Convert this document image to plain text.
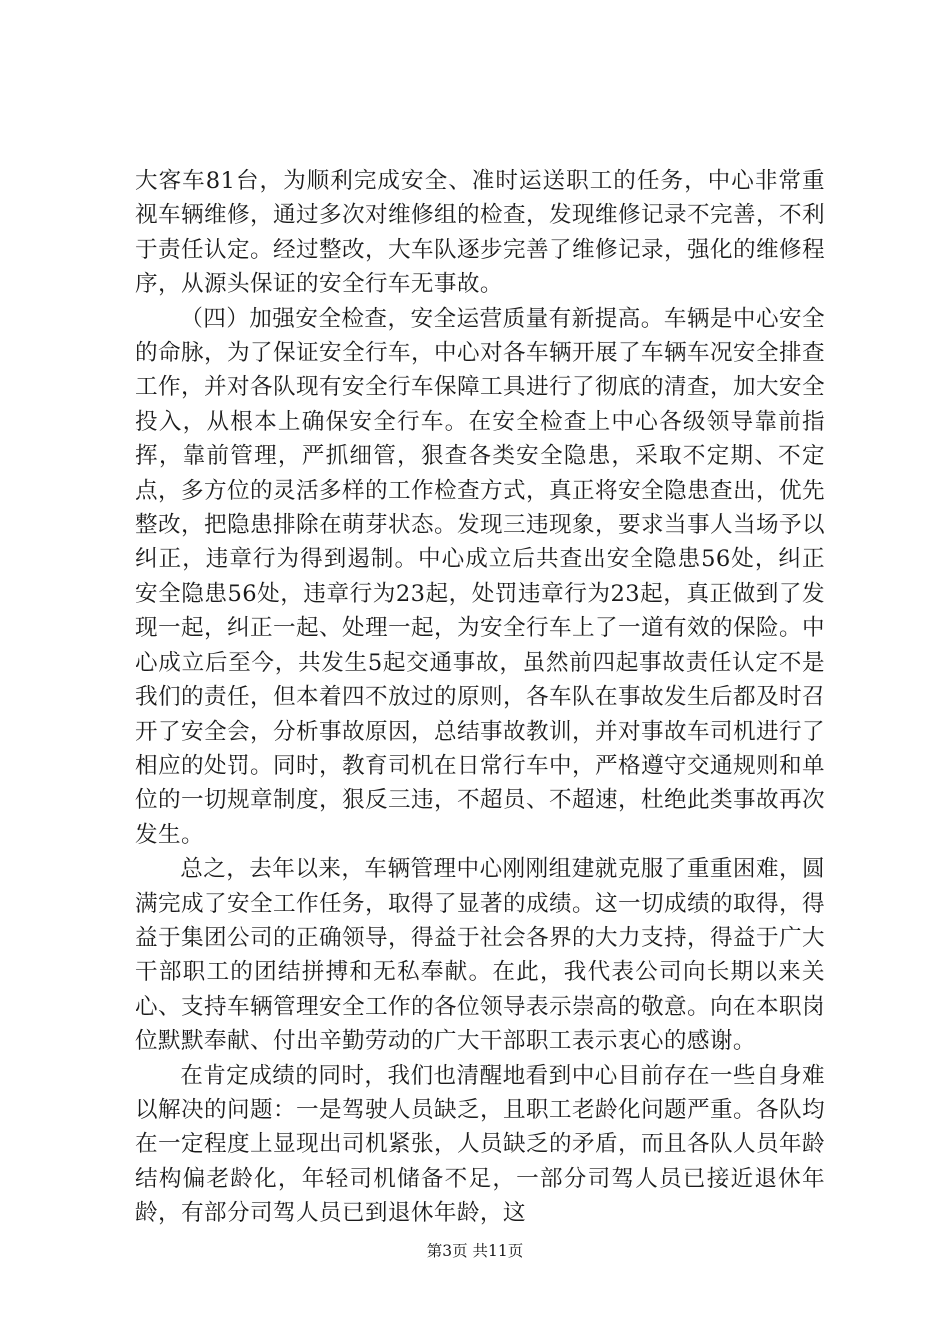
大客车81台，为顺利完成安全、准时运送职工的任务，中心非常重视车辆维修，通过多次对维修组的检查，发现维修记录不完善，不利于责任认定。经过整改，大车队逐步完善了维修记录，强化的维修程序，从源头保证的安全行车无事故。

（四）加强安全检查，安全运营质量有新提高。车辆是中心安全的命脉，为了保证安全行车，中心对各车辆开展了车辆车况安全排查工作，并对各队现有安全行车保障工具进行了彻底的清查，加大安全投入，从根本上确保安全行车。在安全检查上中心各级领导靠前指挥，靠前管理，严抓细管，狠查各类安全隐患，采取不定期、不定点，多方位的灵活多样的工作检查方式，真正将安全隐患查出，优先整改，把隐患排除在萌芽状态。发现三违现象，要求当事人当场予以纠正，违章行为得到遏制。中心成立后共查出安全隐患56处，纠正安全隐患56处，违章行为23起，处罚违章行为23起，真正做到了发现一起，纠正一起、处理一起，为安全行车上了一道有效的保险。中心成立后至今，共发生5起交通事故，虽然前四起事故责任认定不是我们的责任，但本着四不放过的原则，各车队在事故发生后都及时召开了安全会，分析事故原因，总结事故教训，并对事故车司机进行了相应的处罚。同时，教育司机在日常行车中，严格遵守交通规则和单位的一切规章制度，狠反三违，不超员、不超速，杜绝此类事故再次发生。

总之，去年以来，车辆管理中心刚刚组建就克服了重重困难，圆满完成了安全工作任务，取得了显著的成绩。这一切成绩的取得，得益于集团公司的正确领导，得益于社会各界的大力支持，得益于广大干部职工的团结拼搏和无私奉献。在此，我代表公司向长期以来关心、支持车辆管理安全工作的各位领导表示崇高的敬意。向在本职岗位默默奉献、付出辛勤劳动的广大干部职工表示衷心的感谢。

在肯定成绩的同时，我们也清醒地看到中心目前存在一些自身难以解决的问题：一是驾驶人员缺乏，且职工老龄化问题严重。各队均在一定程度上显现出司机紧张，人员缺乏的矛盾，而且各队人员年龄结构偏老龄化，年轻司机储备不足，一部分司驾人员已接近退休年龄，有部分司驾人员已到退休年龄，这

第3页 共11页
